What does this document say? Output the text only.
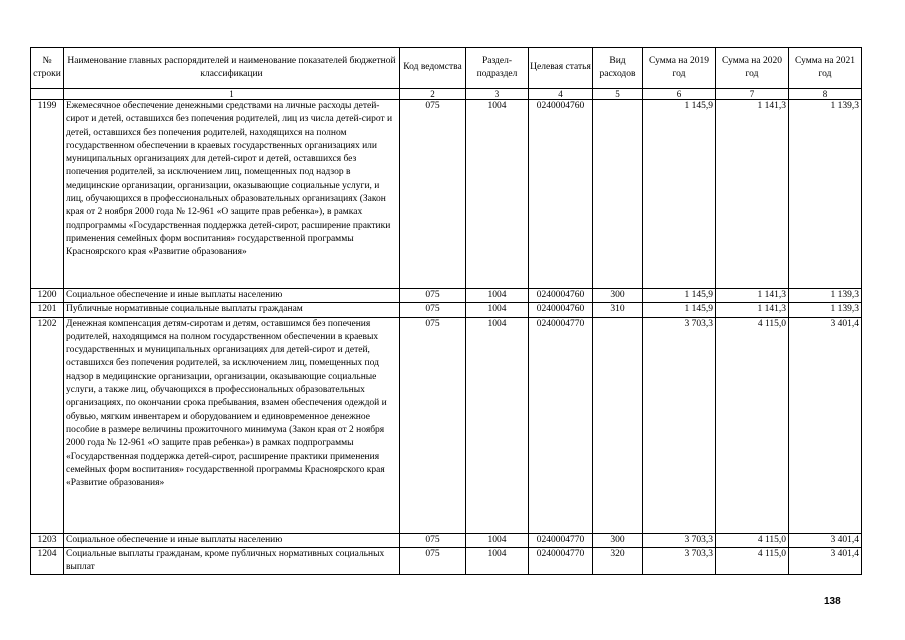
№ строки	Наименование главных распорядителей и наименование показателей бюджетной классификации	Код ведомства	Раздел-подраздел	Целевая статья	Вид расходов	Сумма на 2019 год	Сумма на 2020 год	Сумма на 2021 год
	1	2	3	4	5	6	7	8
1199	Ежемесячное обеспечение денежными средствами на личные расходы детей-сирот и детей, оставшихся без попечения родителей, лиц из числа детей-сирот и детей, оставшихся без попечения родителей, находящихся на полном государственном обеспечении в краевых государственных организациях или муниципальных организациях для детей-сирот и детей, оставшихся без попечения родителей, за исключением лиц, помещенных под надзор в медицинские организации, организации, оказывающие социальные услуги, и лиц, обучающихся в профессиональных образовательных организациях (Закон края от 2 ноября 2000 года № 12-961 «О защите прав ребенка»), в рамках подпрограммы «Государственная поддержка детей-сирот, расширение практики применения семейных форм воспитания» государственной программы Красноярского края «Развитие образования»	075	1004	0240004760		1 145,9	1 141,3	1 139,3
1200	Социальное обеспечение и иные выплаты населению	075	1004	0240004760	300	1 145,9	1 141,3	1 139,3
1201	Публичные нормативные социальные выплаты гражданам	075	1004	0240004760	310	1 145,9	1 141,3	1 139,3
1202	Денежная компенсация детям-сиротам и детям, оставшимся без попечения родителей, находящимся на полном государственном обеспечении в краевых государственных и муниципальных организациях для детей-сирот и детей, оставшихся без попечения родителей, за исключением лиц, помещенных под надзор в медицинские организации, организации, оказывающие социальные услуги, а также лиц, обучающихся в профессиональных образовательных организациях, по окончании срока пребывания, взамен обеспечения одеждой и обувью, мягким инвентарем и оборудованием и единовременное денежное пособие в размере величины прожиточного минимума (Закон края от 2 ноября 2000 года № 12-961 «О защите прав ребенка») в рамках подпрограммы «Государственная поддержка детей-сирот, расширение практики применения семейных форм воспитания» государственной программы Красноярского края «Развитие образования»	075	1004	0240004770		3 703,3	4 115,0	3 401,4
1203	Социальное обеспечение и иные выплаты населению	075	1004	0240004770	300	3 703,3	4 115,0	3 401,4
1204	Социальные выплаты гражданам, кроме публичных нормативных социальных выплат	075	1004	0240004770	320	3 703,3	4 115,0	3 401,4
138
